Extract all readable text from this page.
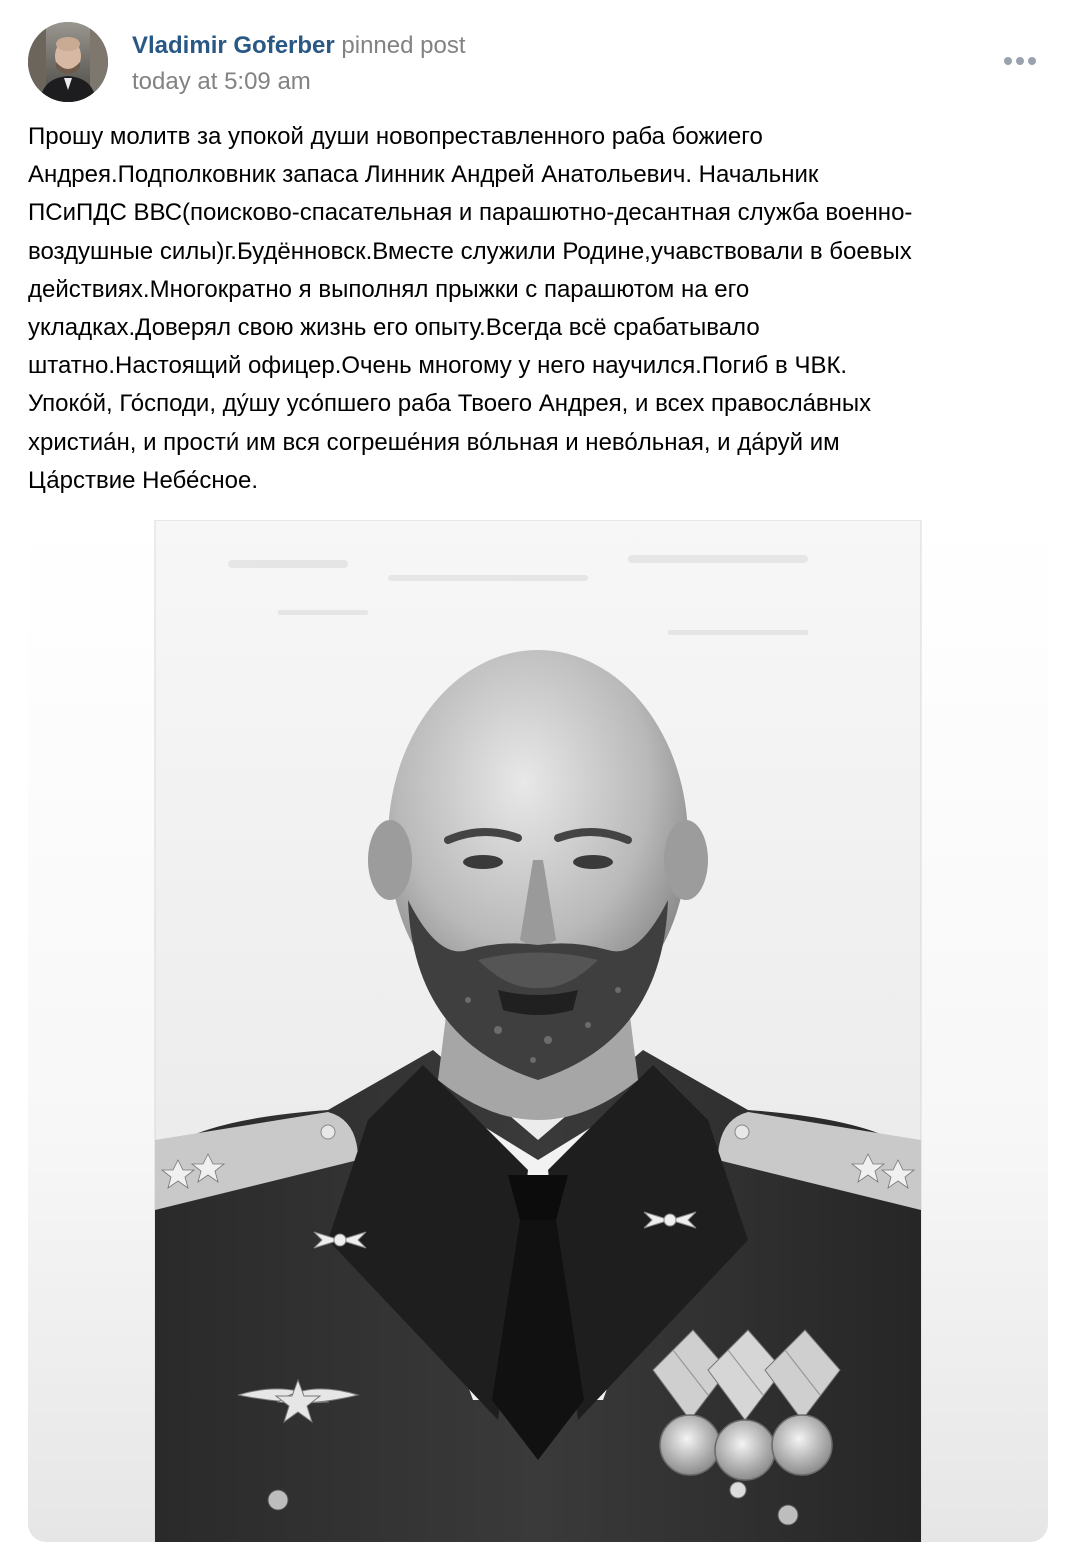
Vladimir Goferber pinned post
today at 5:09 am

Прошу молитв за упокой души новопреставленного раба божиего

Андрея.Подполковник запаса Линник Андрей Анатольевич. Начальник

ПСиПДС ВВС(поисково-спасательная и парашютно-десантная служба военно-

воздушные силы)г.Будённовск.Вместе служили Родине,учавствовали в боевых

действиях.Многократно я выполнял прыжки с парашютом на его

укладках.Доверял свою жизнь его опыту.Всегда всё срабатывало

штатно.Настоящий офицер.Очень многому у него научился.Погиб в ЧВК.

Упоко́й, Го́споди, ду́шу усо́пшего раба Твоего Андрея, и всех правосла́вных

христиа́н, и прости́ им вся согреше́ния во́льная и нево́льная, и да́руй им

Ца́рствие Небе́сное.
